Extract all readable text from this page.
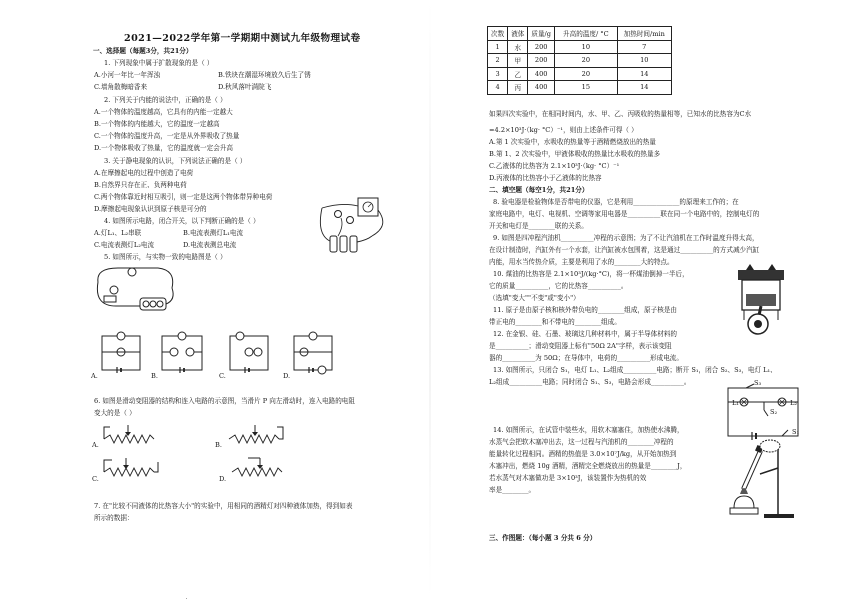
2021—2022学年第一学期期中测试九年级物理试卷
一、选择题（每题3分，共21分）
1. 下列现象中属于扩散现象的是（ ）
A.小河一年比一年浑浊	B.铁块在潮湿环境放久后生了锈
C.墙角散梅暗香来	D.秋风落叶满院飞
2. 下列关于内能的说法中，正确的是（ ）
A.一个物体的温度越高，它具有的内能一定越大
B.一个物体的内能越大，它的温度一定越高
C.一个物体的温度升高，一定是从外界吸收了热量
D.一个物体吸收了热量，它的温度就一定会升高
3. 关于静电现象的认识，下列说法正确的是（ ）
A.在摩擦起电的过程中创造了电荷
B.自然界只存在正、负两种电荷
C.两个物体靠近时相互吸引，则一定是这两个物体带异种电荷
D.摩擦起电现象认识到原子核是可分的
4. 如图所示电路，闭合开关，以下判断正确的是（ ）
A.灯L₁、L₂串联	B.电流表测灯L₁电流
C.电流表测灯L₂电流	D.电流表测总电流
5. 如图所示，与实物一致的电路图是（ ）
A.	B.	C.	D.
6. 如图是滑动变阻器的结构和连入电路的示意图，当滑片 P 向左滑动时，连入电路的电阻
变大的是（ ）
A.	B.
C.	D.
7. 在"比较不同液体的比热容大小"的实验中，用相同的酒精灯对四种液体加热，得到如表
所示的数据：
次数	液体	质量/g	升高的温度/ °C	加热时间/min
1	水	200	10	7
2	甲	200	20	10
3	乙	400	20	14
4	丙	400	15	14
如果四次实验中，在相同时间内，水、甲、乙、丙吸收的热量相等，已知水的比热容为C水
=4.2×10³J·（kg· °C）⁻¹，则由上述条件可得（ ）
A.第 1 次实验中，水吸收的热量等于酒精燃烧放出的热量
B.第 1、2 次实验中，甲液体吸收的热量比水吸收的热量多
C.乙液体的比热容为 2.1×10³J·（kg· °C）⁻¹
D.丙液体的比热容小于乙液体的比热容
二、填空题（每空1分，共21分）
8. 验电器是检验物体是否带电的仪器，它是利用______________的原理来工作的；在
家庭电路中，电灯、电视机、空调等家用电器是__________联在同一个电路中的，控制电灯的
开关和电灯是________联的关系。
9. 如图是四冲程汽油机__________冲程的示意图；为了不让汽油机在工作时温度升得太高，
在设计制造时，汽缸外有一个水套，让汽缸被水包围着，这是通过__________的方式减少汽缸
内能，用水当传热介质，主要是利用了水的________大的特点。
10. 煤油的比热容是 2.1×10³J/(kg·°C)，将一杯煤油倒掉一半后，
它的质量__________，它的比热容__________。
（选填"变大""不变"或"变小"）
11. 原子是由原子核和核外带负电的________组成，原子核是由
带正电的________和不带电的________组成。
12. 在金银、硅、石墨、玻璃这几种材料中，属于半导体材料的
是__________；滑动变阻器上标有"50Ω 2A"字样，表示该变阻
器的__________为 50Ω；在导体中，电荷的__________形成电流。
13. 如图所示，只闭合 S₁，电灯 L₁、L₂组成__________电路；断开 S₁，闭合 S₂、S₃，电灯 L₁、
L₂组成__________电路；同时闭合 S₁、S₃，电路会形成__________。	S₃
L₁	L₂
S₂
S₁
14. 如图所示，在试管中装些水，用软木塞塞住，加热使水沸腾，
水蒸气会把软木塞冲出去，这一过程与汽油机的________冲程的
能量转化过程相同。酒精的热值是 3.0×10⁷J/kg，从开始加热到
木塞冲出，燃烧 10g 酒精，酒精完全燃烧放出的热量是________J，
若水蒸气对木塞做功是 3×10³J，该装置作为热机的效
率是________。
三、作图题：（每小题 3 分共 6 分）
